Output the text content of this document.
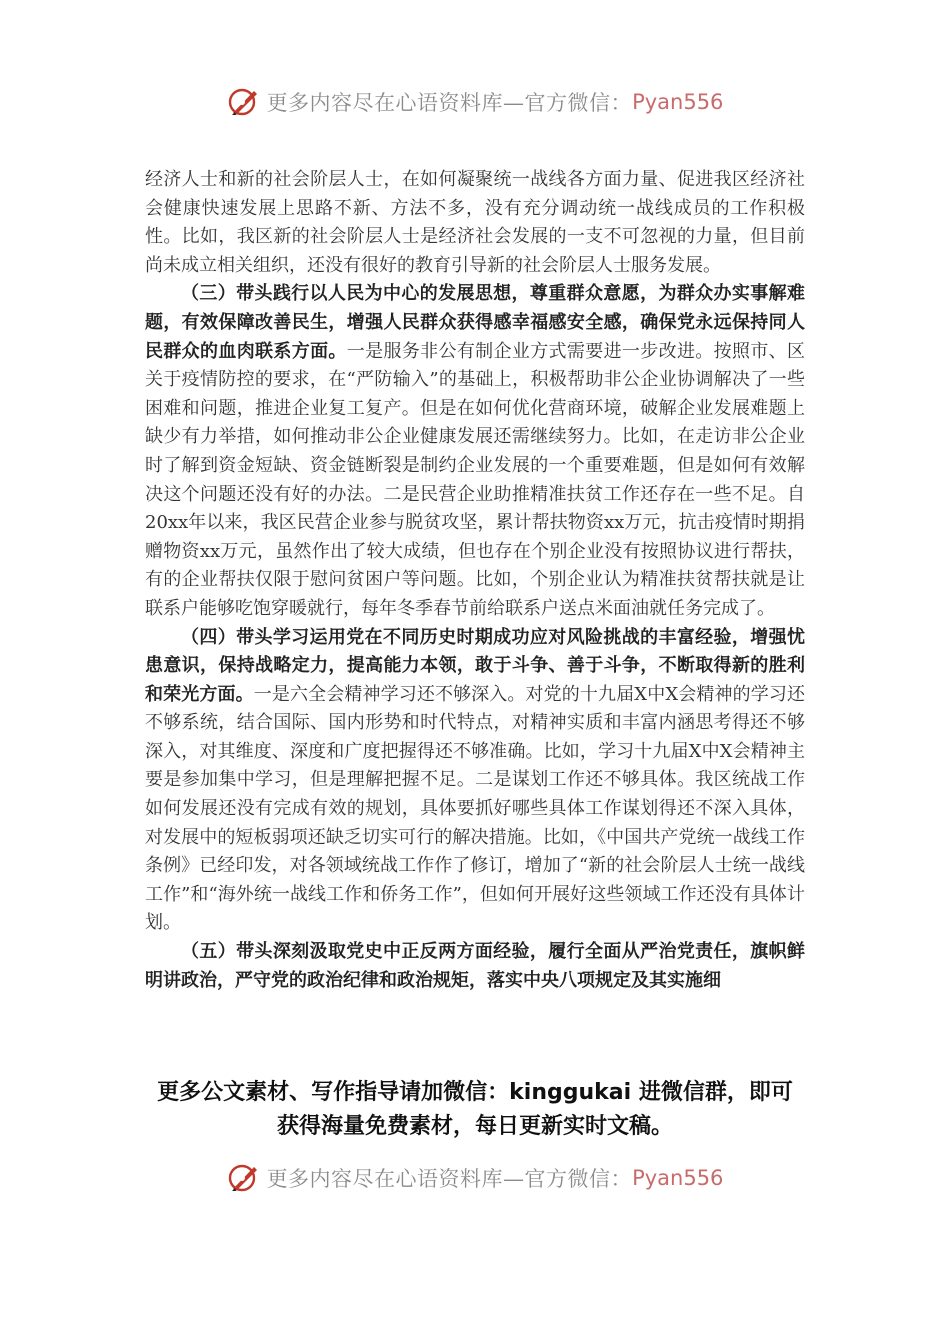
更多内容尽在心语资料库—官方微信： Pyan556

经济人士和新的社会阶层人士，在如何凝聚统一战线各方面力量、促进我区经济社会健康快速发展上思路不新、方法不多，没有充分调动统一战线成员的工作积极性。比如，我区新的社会阶层人士是经济社会发展的一支不可忽视的力量，但目前尚未成立相关组织，还没有很好的教育引导新的社会阶层人士服务发展。

（三）带头践行以人民为中心的发展思想，尊重群众意愿，为群众办实事解难题，有效保障改善民生，增强人民群众获得感幸福感安全感，确保党永远保持同人民群众的血肉联系方面。一是服务非公有制企业方式需要进一步改进。按照市、区关于疫情防控的要求，在“严防输入”的基础上，积极帮助非公企业协调解决了一些困难和问题，推进企业复工复产。但是在如何优化营商环境，破解企业发展难题上缺少有力举措，如何推动非公企业健康发展还需继续努力。比如，在走访非公企业时了解到资金短缺、资金链断裂是制约企业发展的一个重要难题，但是如何有效解决这个问题还没有好的办法。二是民营企业助推精准扶贫工作还存在一些不足。自20xx年以来，我区民营企业参与脱贫攻坚，累计帮扶物资xx万元，抗击疫情时期捐赠物资xx万元，虽然作出了较大成绩，但也存在个别企业没有按照协议进行帮扶，有的企业帮扶仅限于慰问贫困户等问题。比如，个别企业认为精准扶贫帮扶就是让联系户能够吃饱穿暖就行，每年冬季春节前给联系户送点米面油就任务完成了。

（四）带头学习运用党在不同历史时期成功应对风险挑战的丰富经验，增强忧患意识，保持战略定力，提高能力本领，敢于斗争、善于斗争，不断取得新的胜利和荣光方面。一是六全会精神学习还不够深入。对党的十九届X中X会精神的学习还不够系统，结合国际、国内形势和时代特点，对精神实质和丰富内涵思考得还不够深入，对其维度、深度和广度把握得还不够准确。比如，学习十九届X中X会精神主要是参加集中学习，但是理解把握不足。二是谋划工作还不够具体。我区统战工作如何发展还没有完成有效的规划，具体要抓好哪些具体工作谋划得还不深入具体，对发展中的短板弱项还缺乏切实可行的解决措施。比如，《中国共产党统一战线工作条例》已经印发，对各领域统战工作作了修订，增加了“新的社会阶层人士统一战线工作”和“海外统一战线工作和侨务工作”，但如何开展好这些领域工作还没有具体计划。

（五）带头深刻汲取党史中正反两方面经验，履行全面从严治党责任，旗帜鲜明讲政治，严守党的政治纪律和政治规矩，落实中央八项规定及其实施细

更多公文素材、写作指导请加微信：kinggukai 进微信群，即可
获得海量免费素材，每日更新实时文稿。
更多内容尽在心语资料库—官方微信： Pyan556
